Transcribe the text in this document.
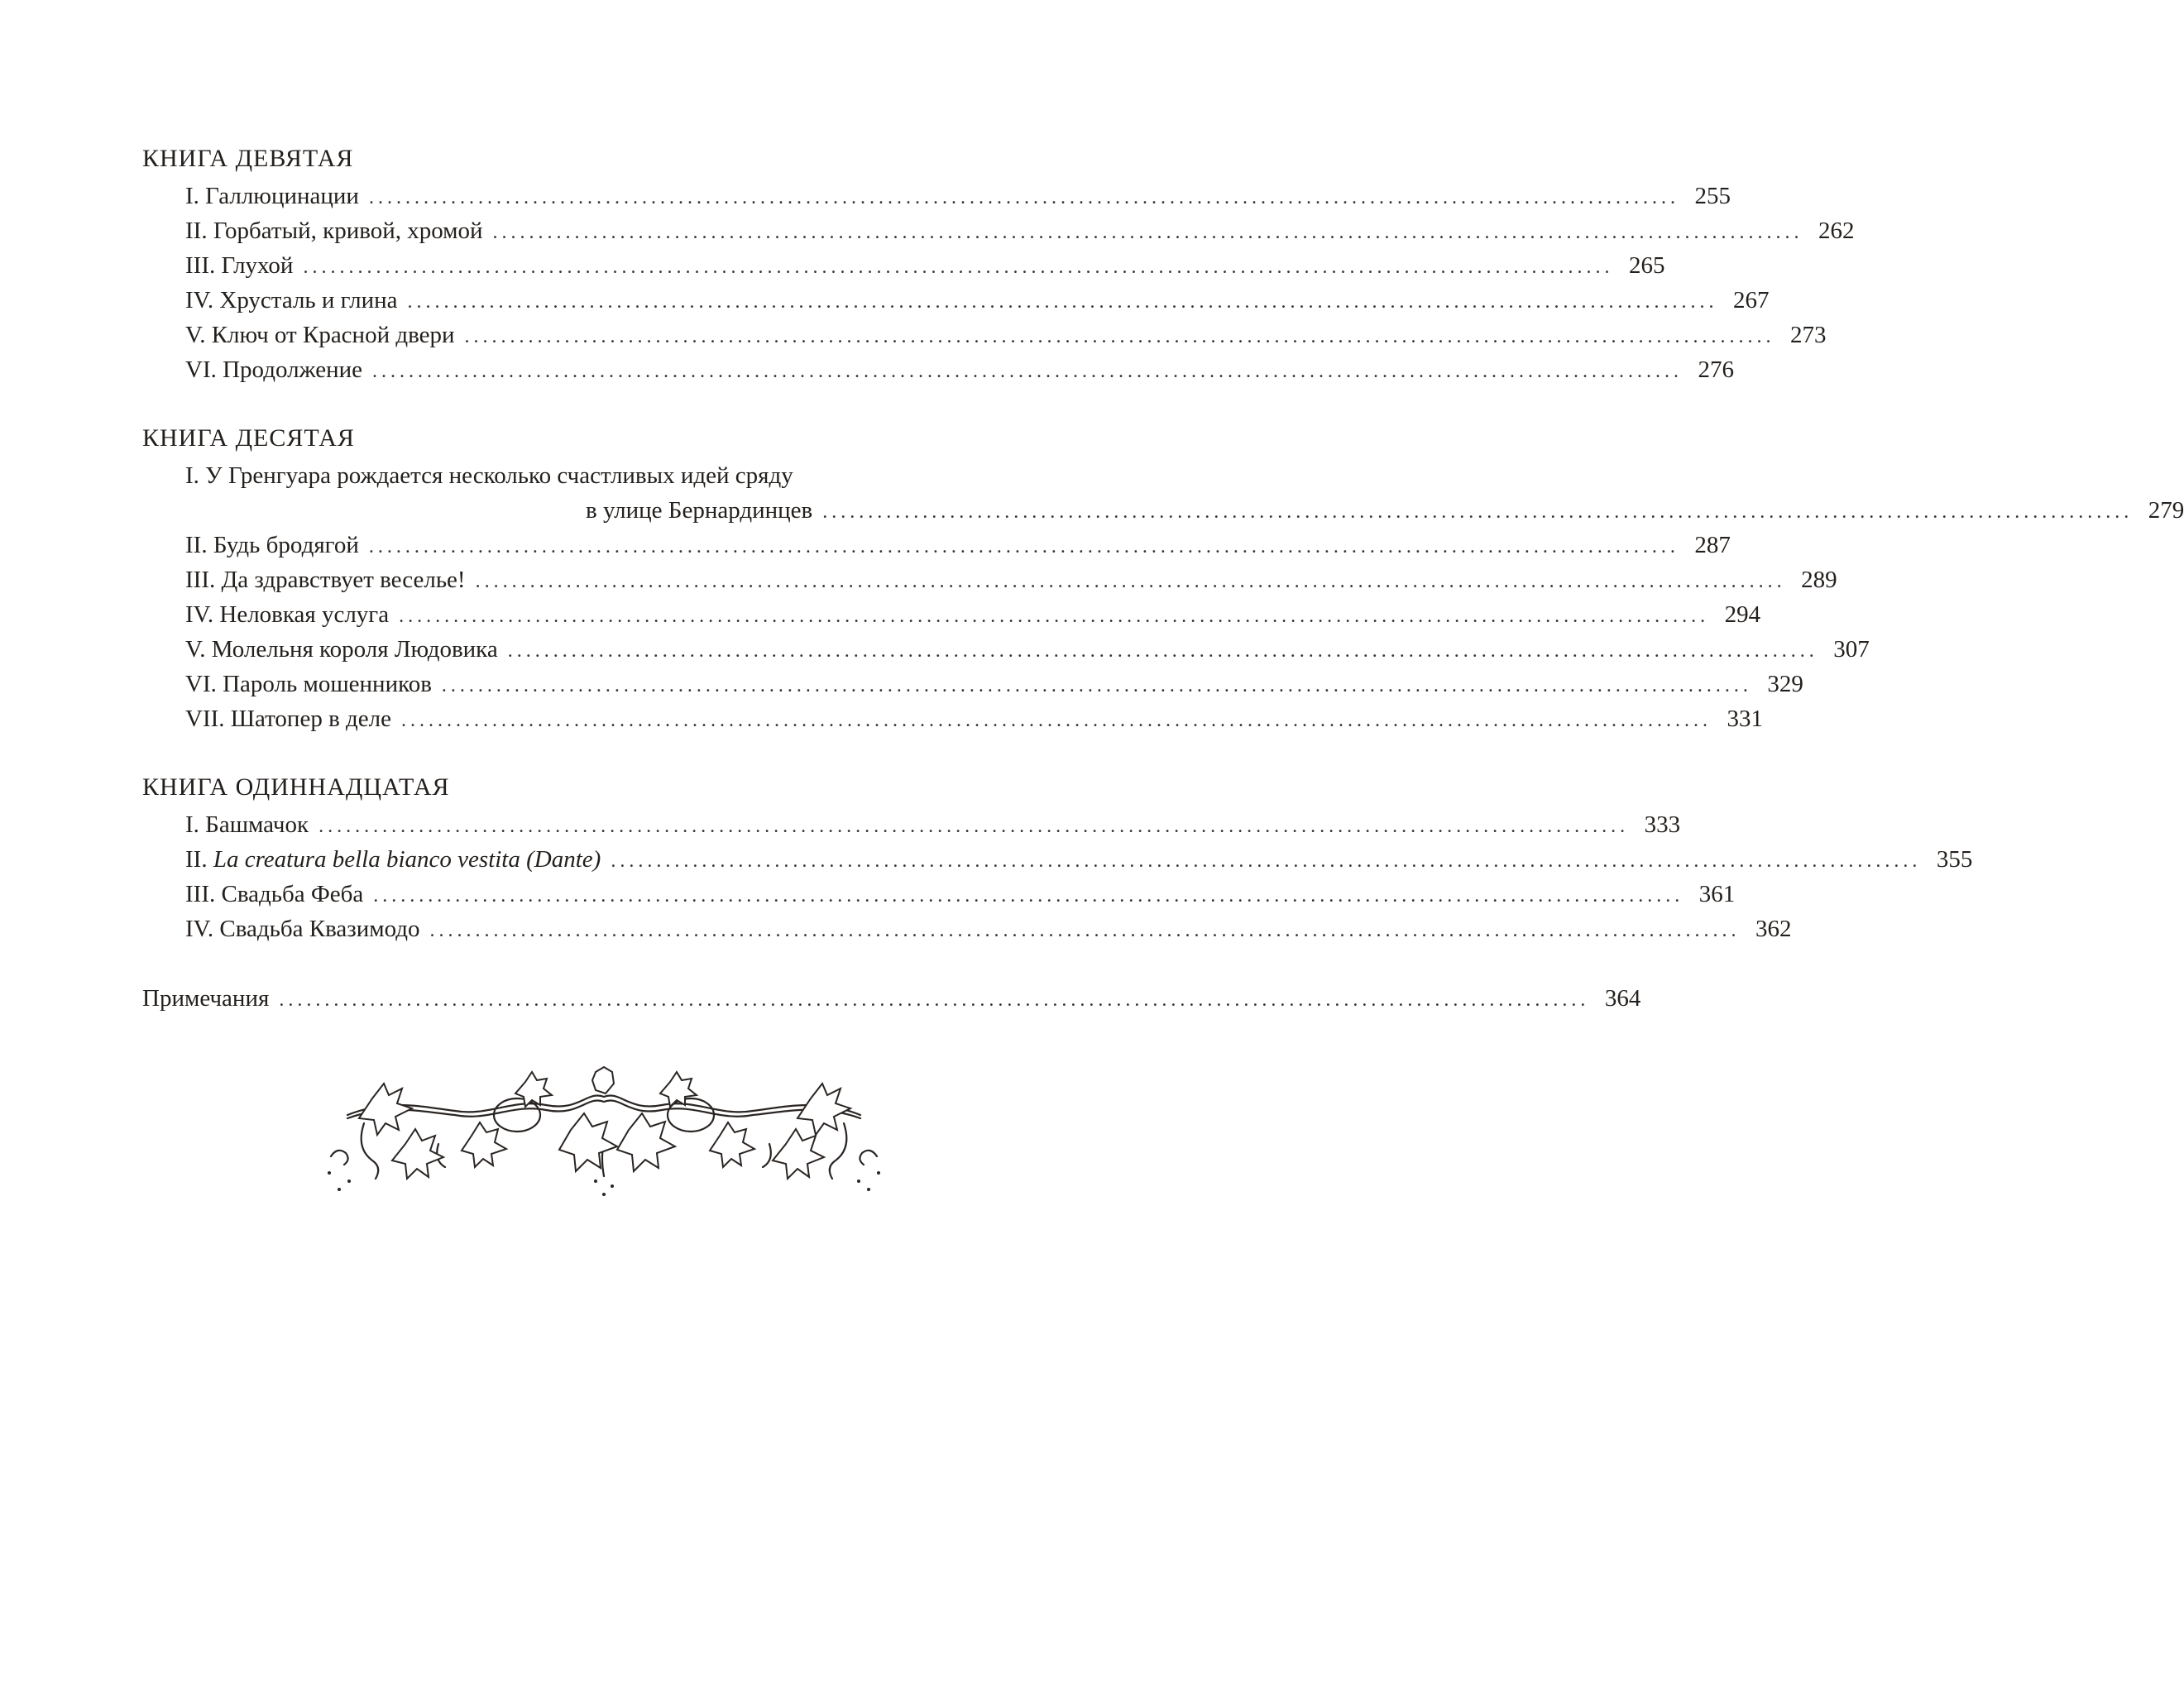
КНИГА ДЕВЯТАЯ
I. Галлюцинации ................................................................................................................................................ 255
II. Горбатый, кривой, хромой ................................................................................................................................................ 262
III. Глухой ................................................................................................................................................ 265
IV. Хрусталь и глина ................................................................................................................................................ 267
V. Ключ от Красной двери ................................................................................................................................................ 273
VI. Продолжение ................................................................................................................................................ 276
КНИГА ДЕСЯТАЯ
I. У Гренгуара рождается несколько счастливых идей сряду
в улице Бернардинцев ................................................................................................................................................ 279
II. Будь бродягой ................................................................................................................................................ 287
III. Да здравствует веселье! ................................................................................................................................................ 289
IV. Неловкая услуга ................................................................................................................................................ 294
V. Молельня короля Людовика ................................................................................................................................................ 307
VI. Пароль мошенников ................................................................................................................................................ 329
VII. Шатопер в деле ................................................................................................................................................ 331
КНИГА ОДИННАДЦАТАЯ
I. Башмачок ................................................................................................................................................ 333
II. La creatura bella bianco vestita (Dante) ................................................................................................................................................ 355
III. Свадьба Феба ................................................................................................................................................ 361
IV. Свадьба Квазимодо ................................................................................................................................................ 362
Примечания ................................................................................................................................................ 364
